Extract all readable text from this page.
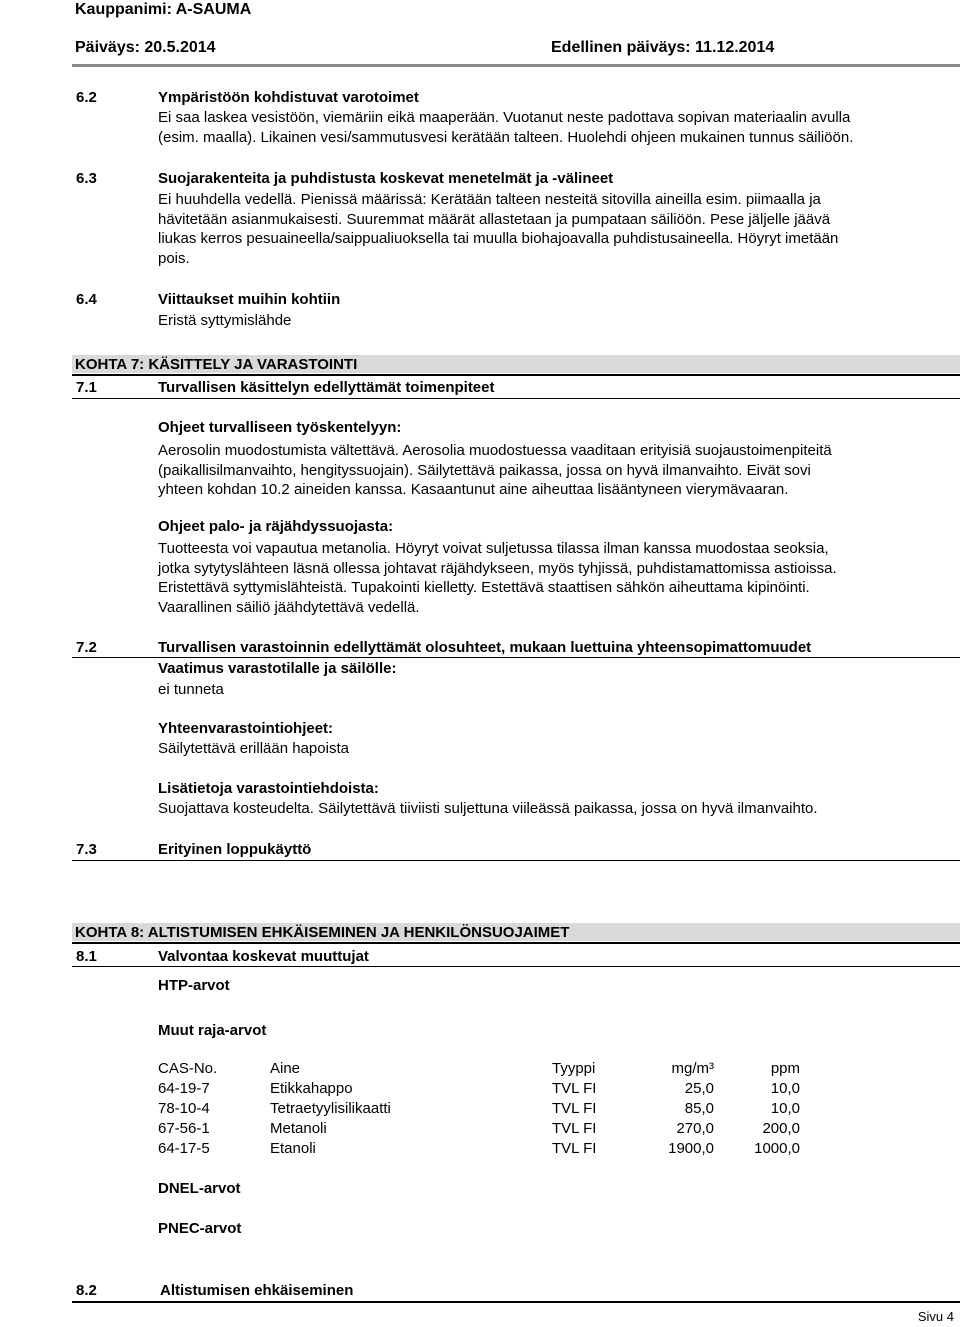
Kauppanimi: A-SAUMA
Päiväys: 20.5.2014	Edellinen päiväys: 11.12.2014
6.2	Ympäristöön kohdistuvat varotoimet
Ei saa laskea vesistöön, viemäriin eikä maaperään. Vuotanut neste padottava sopivan materiaalin avulla
(esim. maalla). Likainen vesi/sammutusvesi kerätään talteen. Huolehdi ohjeen mukainen tunnus säiliöön.
6.3	Suojarakenteita ja puhdistusta koskevat menetelmät ja -välineet
Ei huuhdella vedellä. Pienissä määrissä: Kerätään talteen nesteitä sitovilla aineilla esim. piimaalla ja
hävitetään asianmukaisesti. Suuremmat määrät allastetaan ja pumpataan säiliöön. Pese jäljelle jäävä
liukas kerros pesuaineella/saippualiuoksella tai muulla biohajoavalla puhdistusaineella. Höyryt imetään
pois.
6.4	Viittaukset muihin kohtiin
Eristä syttymislähde
KOHTA 7: KÄSITTELY JA VARASTOINTI
7.1	Turvallisen käsittelyn edellyttämät toimenpiteet
Ohjeet turvalliseen työskentelyyn:
Aerosolin muodostumista vältettävä. Aerosolia muodostuessa vaaditaan erityisiä suojaustoimenpiteitä
(paikallisilmanvaihto, hengityssuojain). Säilytettävä paikassa, jossa on hyvä ilmanvaihto. Eivät sovi
yhteen kohdan 10.2 aineiden kanssa. Kasaantunut aine aiheuttaa lisääntyneen vierymävaaran.
Ohjeet palo- ja räjähdyssuojasta:
Tuotteesta voi vapautua metanolia. Höyryt voivat suljetussa tilassa ilman kanssa muodostaa seoksia,
jotka sytytyslähteen läsnä ollessa johtavat räjähdykseen, myös tyhjissä, puhdistamattomissa astioissa.
Eristettävä syttymislähteistä. Tupakointi kielletty. Estettävä staattisen sähkön aiheuttama kipinöinti.
Vaarallinen säiliö jäähdytettävä vedellä.
7.2	Turvallisen varastoinnin edellyttämät olosuhteet, mukaan luettuina yhteensopimattomuudet
Vaatimus varastotilalle ja säilölle:
ei tunneta
Yhteenvarastointiohjeet:
Säilytettävä erillään hapoista
Lisätietoja varastointiehdoista:
Suojattava kosteudelta. Säilytettävä tiiviisti suljettuna viileässä paikassa, jossa on hyvä ilmanvaihto.
7.3	Erityinen loppukäyttö
KOHTA 8: ALTISTUMISEN EHKÄISEMINEN JA HENKILÖNSUOJAIMET
8.1	Valvontaa koskevat muuttujat
HTP-arvot
Muut raja-arvot
CAS-No.	Aine	Tyyppi	mg/m³	ppm
64-19-7	Etikkahappo	TVL FI	25,0	10,0
78-10-4	Tetraetyylisilikaatti	TVL FI	85,0	10,0
67-56-1	Metanoli	TVL FI	270,0	200,0
64-17-5	Etanoli	TVL FI	1900,0	1000,0
DNEL-arvot
PNEC-arvot
8.2	Altistumisen ehkäiseminen
Sivu 4
